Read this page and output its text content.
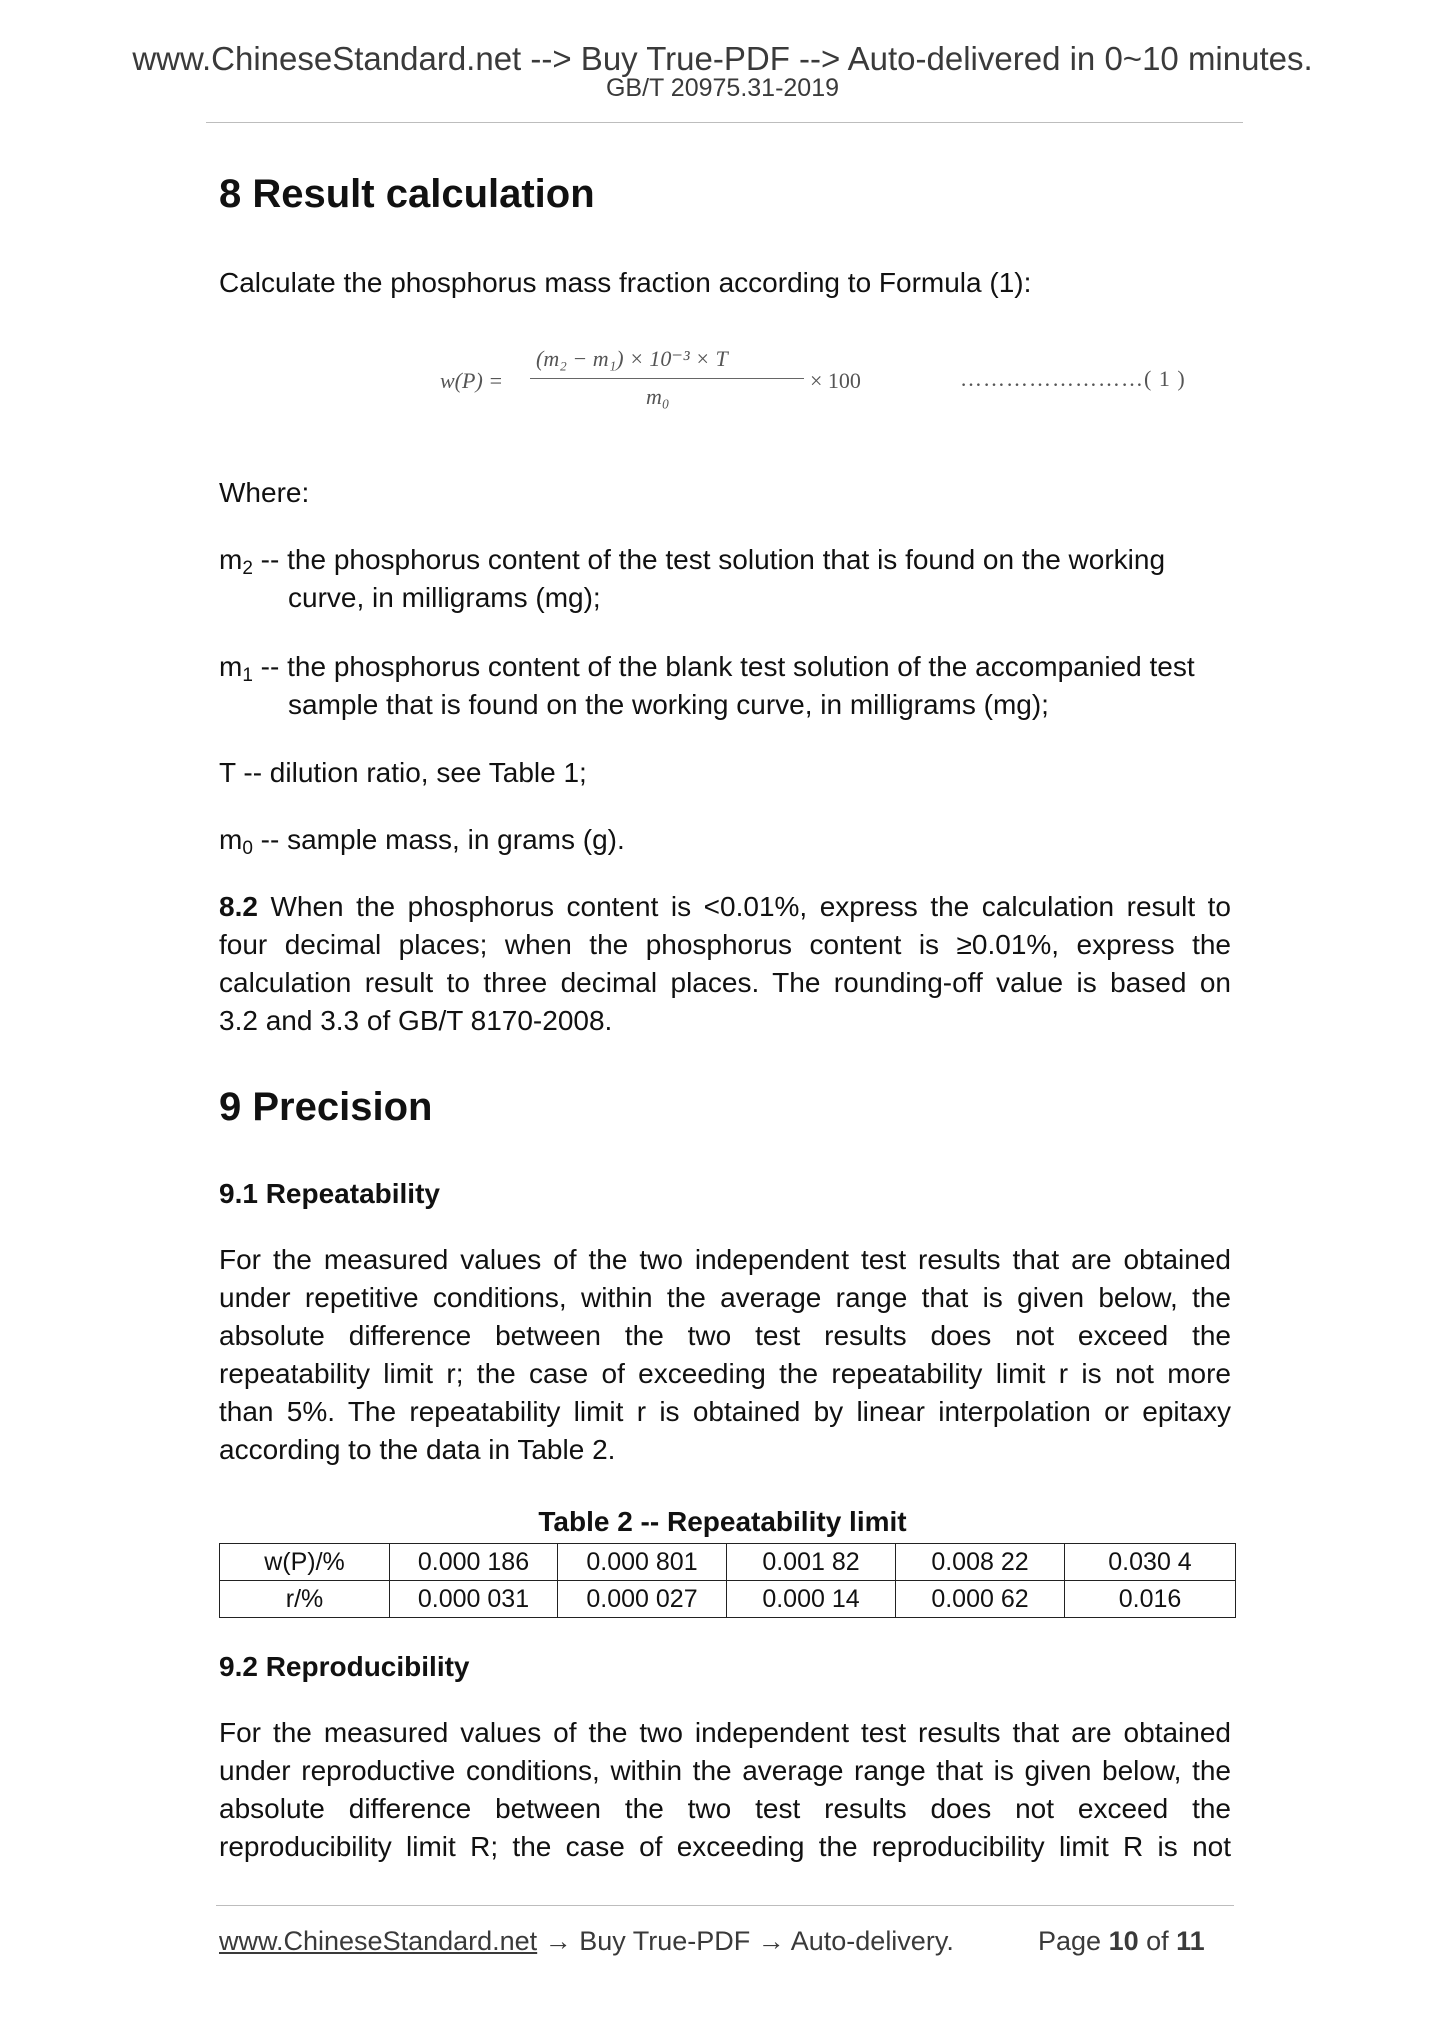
www.ChineseStandard.net --> Buy True-PDF --> Auto-delivered in 0~10 minutes.
GB/T 20975.31-2019
8 Result calculation
Calculate the phosphorus mass fraction according to Formula (1):
w(P) =
(m₂ − m₁) × 10⁻³ × T
m₀
× 100	……………………( 1 )
Where:
$m_2$ -- the phosphorus content of the test solution that is found on the working
curve, in milligrams (mg);
$m_1$ -- the phosphorus content of the blank test solution of the accompanied test
sample that is found on the working curve, in milligrams (mg);
T -- dilution ratio, see Table 1;
$m_0$ -- sample mass, in grams (g).
8.2 When the phosphorus content is <0.01%, express the calculation result to
four decimal places; when the phosphorus content is ≥0.01%, express the
calculation result to three decimal places. The rounding-off value is based on
3.2 and 3.3 of GB/T 8170-2008.
9 Precision
9.1 Repeatability
For the measured values of the two independent test results that are obtained
under repetitive conditions, within the average range that is given below, the
absolute difference between the two test results does not exceed the
repeatability limit r; the case of exceeding the repeatability limit r is not more
than 5%. The repeatability limit r is obtained by linear interpolation or epitaxy
according to the data in Table 2.
Table 2 -- Repeatability limit
w(P)/%	0.000 186	0.000 801	0.001 82	0.008 22	0.030 4
r/%	0.000 031	0.000 027	0.000 14	0.000 62	0.016
9.2 Reproducibility
For the measured values of the two independent test results that are obtained
under reproductive conditions, within the average range that is given below, the
absolute difference between the two test results does not exceed the
reproducibility limit R; the case of exceeding the reproducibility limit R is not
www.ChineseStandard.net → Buy True-PDF → Auto-delivery.	Page 10 of 11
